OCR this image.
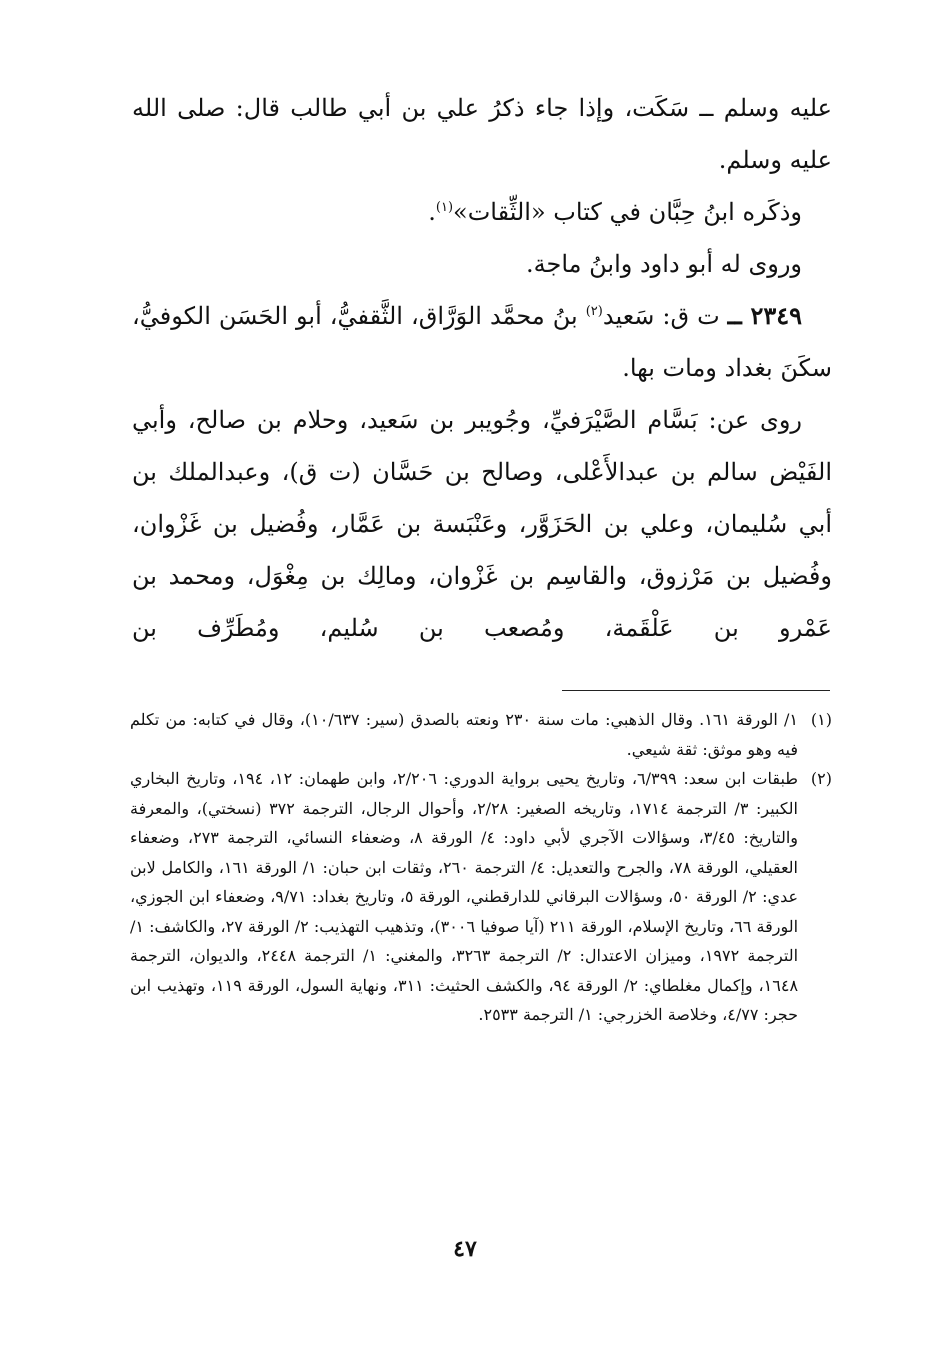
عليه وسلم ــ سَكَت، وإذا جاء ذكرُ علي بن أبي طالب قال: صلى الله عليه وسلم.

وذكَره ابنُ حِبَّان في كتاب «الثِّقات»$^{(١)}$.

وروى له أبو داود وابنُ ماجة.

٢٣٤٩ ــ ت ق: سَعيد$^{(٢)}$ بنُ محمَّد الوَرَّاق، الثَّقفيُّ، أبو الحَسَن الكوفيُّ، سكَنَ بغداد ومات بها.

روى عن: بَسَّام الصَّيْرَفيِّ، وجُويبر بن سَعيد، وحلام بن صالح، وأبي الفَيْض سالم بن عبدالأَعْلى، وصالح بن حَسَّان (ت ق)، وعبدالملك بن أبي سُليمان، وعلي بن الحَزَوَّر، وعَنْبَسة بن عَمَّار، وفُضيل بن غَزْوان، وفُضيل بن مَرْزوق، والقاسِم بن غَزْوان، ومالِك بن مِغْوَل، ومحمد بن عَمْرو بن عَلْقَمة، ومُصعب بن سُليم، ومُطَرِّف بن

(١)
١/ الورقة ١٦١. وقال الذهبي: مات سنة ٢٣٠ ونعته بالصدق (سير: ١٠/٦٣٧)، وقال في كتابه: من تكلم فيه وهو موثق: ثقة شيعي.
(٢)
طبقات ابن سعد: ٦/٣٩٩، وتاريخ يحيى برواية الدوري: ٢/٢٠٦، وابن طهمان: ١٢، ١٩٤، وتاريخ البخاري الكبير: ٣/ الترجمة ١٧١٤، وتاريخه الصغير: ٢/٢٨، وأحوال الرجال، الترجمة ٣٧٢ (نسختي)، والمعرفة والتاريخ: ٣/٤٥، وسؤالات الآجري لأبي داود: ٤/ الورقة ٨، وضعفاء النسائي، الترجمة ٢٧٣، وضعفاء العقيلي، الورقة ٧٨، والجرح والتعديل: ٤/ الترجمة ٢٦٠، وثقات ابن حبان: ١/ الورقة ١٦١، والكامل لابن عدي: ٢/ الورقة ٥٠، وسؤالات البرقاني للدارقطني، الورقة ٥، وتاريخ بغداد: ٩/٧١، وضعفاء ابن الجوزي، الورقة ٦٦، وتاريخ الإسلام، الورقة ٢١١ (آيا صوفيا ٣٠٠٦)، وتذهيب التهذيب: ٢/ الورقة ٢٧، والكاشف: ١/ الترجمة ١٩٧٢، وميزان الاعتدال: ٢/ الترجمة ٣٢٦٣، والمغني: ١/ الترجمة ٢٤٤٨، والديوان، الترجمة ١٦٤٨، وإكمال مغلطاي: ٢/ الورقة ٩٤، والكشف الحثيث: ٣١١، ونهاية السول، الورقة ١١٩، وتهذيب ابن حجر: ٤/٧٧، وخلاصة الخزرجي: ١/ الترجمة ٢٥٣٣.
٤٧
